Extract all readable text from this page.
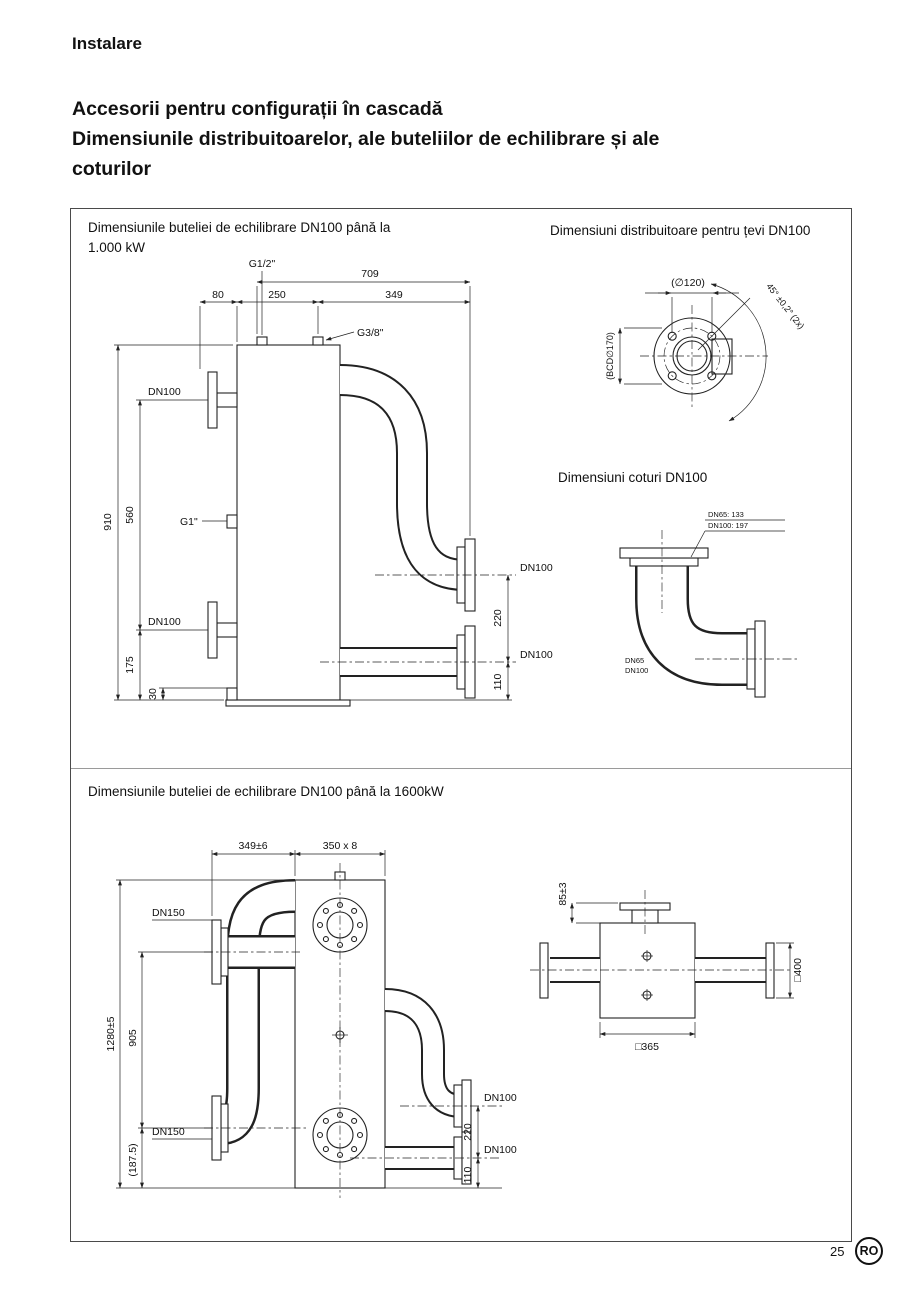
Instalare
Accesorii pentru configurații în cascadă
Dimensiunile distribuitoarelor, ale buteliilor de echilibrare și ale
coturilor
Dimensiunile buteliei de echilibrare DN100 până la
1.000 kW
Dimensiuni distribuitoare pentru țevi DN100
Dimensiuni coturi DN100
Dimensiunile buteliei de echilibrare DN100 până la 1600kW
G1/2"
709
80	250	349
G3/8"
DN100
910 560	G1"
DN100
DN100	220
DN100
175
30
110
(∅120)
(BCD∅170)
45° ±0,2° (2x)
DN65: 133
DN100: 197
DN65
DN100
349±6	350 x 8
DN150
1280±5 905
DN150
(187.5)
DN100
220
DN100
110
85±3
□400
□365
25	RO
